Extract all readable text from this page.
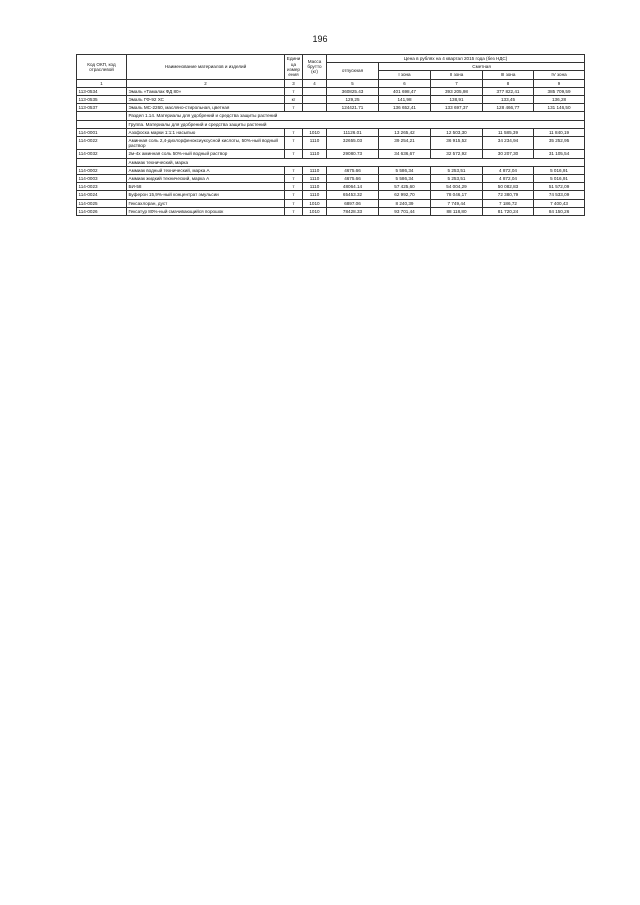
196
Код ОКП, код отраслевой	Наименование материалов и изделий	Единица измерения	Масса брутто (кг)	Цена в рублях на 4 квартал 2015 года (без НДС)				
				отпускная	Сметная			
					I зона	II зона	III зона	IV зона
1	2	3	4	5	6	7	8	9
113-0534	Эмаль «Тамалак ФД 80»	т		360825.43	401 698,47	393 205,98	377 822,41	385 709,59
113-0535	Эмаль ГФ-92 ХС	кг		129,25	141,98	138,91	133,45	136,28
113-0537	Эмаль МС-2260, масляно-стирольная, цветная	т		124421.71	136 652,41	133 697,37	128 466,77	131 146,50
	Раздел 1.14. Материалы для удобрений и средства защиты растений							
	Группа. Материалы для удобрений и средства защиты растений							
114-0001	Азофоска марки 1:1:1 насыпью	т	1010	11126.01	13 265,42	12 503,30	11 585,39	11 840,19
114-0022	Аминная соль 2,4-дихлорфеноксиуксусной кислоты, 50%-ный водный раствор	т	1110	32655.03	39 254,21	36 915,52	34 234,94	35 252,95
114-0032	2м-4х аминная соль 50%-ный водный раствор	т	1110	29080.73	34 636,67	32 572,92	30 207,30	31 105,54
	Аммиак технический, марка							
114-0002	Аммиак водный технический, марка А	т	1110	4675.66	5 586,34	5 253,51	4 872,04	5 016,91
114-0003	Аммиак жидкий технический, марка А	т	1110	4675.66	5 586,34	5 253,51	4 872,04	5 016,91
114-0023	БИ-58	т	1110	48064.14	57 425,60	54 004,29	50 082,83	51 572,09
114-0024	Буферон 15,9%-ный концентрат эмульсии	т	1110	65453.32	62 992,70	78 046,17	72 380,79	74 533,09
114-0025	Гексахлоран, дуст	т	1010	6897.06	8 240,39	7 749,44	7 186,72	7 400,43
114-0026	Гексатур 80%-ный смачивающийся порошок	т	1010	78428.33	93 701,44	88 118,80	81 720,24	84 150,26
